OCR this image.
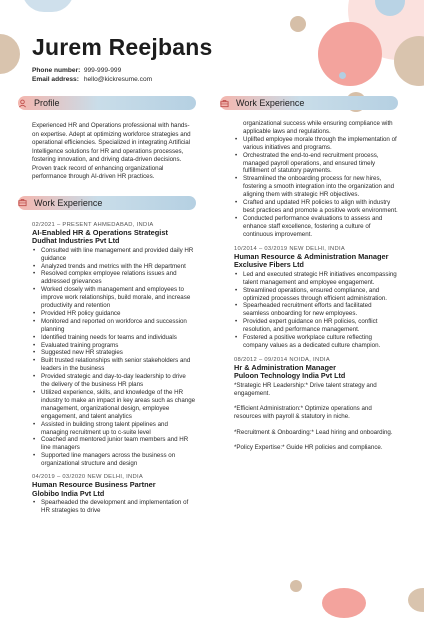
Jurem Reejbans
Phone number: 999-999-999
Email address: hello@kickresume.com
Profile

Experienced HR and Operations professional with hands-on expertise. Adept at optimizing workforce strategies and operational efficiencies. Specialized in integrating Artificial Intelligence solutions for HR and operations processes, fostering innovation, and driving data-driven decisions. Proven track record of enhancing organizational performance through AI-driven HR practices.

Work Experience
02/2021 – PRESENT AHMEDABAD, INDIA
AI-Enabled HR & Operations Strategist
Dudhat Industries Pvt Ltd
• Consulted with line management and provided daily HR guidance
• Analyzed trends and metrics with the HR department
• Resolved complex employee relations issues and addressed grievances
• Worked closely with management and employees to improve work relationships, build morale, and increase productivity and retention
• Provided HR policy guidance
• Monitored and reported on workforce and succession planning
• Identified training needs for teams and individuals
• Evaluated training programs
• Suggested new HR strategies
• Built trusted relationships with senior stakeholders and leaders in the business
• Provided strategic and day-to-day leadership to drive the delivery of the business HR plans
• Utilized experience, skills, and knowledge of the HR industry to make an impact in key areas such as change management, organizational design, employee engagement, and talent analytics
• Assisted in building strong talent pipelines and managing recruitment up to c-suite level
• Coached and mentored junior team members and HR line managers
• Supported line managers across the business on organizational structure and design
04/2019 – 03/2020 NEW DELHI, INDIA
Human Resource Business Partner
Globibo India Pvt Ltd
• Spearheaded the development and implementation of HR strategies to drive
Work Experience
organizational success while ensuring compliance with applicable laws and regulations.
• Uplifted employee morale through the implementation of various initiatives and programs.
• Orchestrated the end-to-end recruitment process, managed payroll operations, and ensured timely fulfillment of statutory payments.
• Streamlined the onboarding process for new hires, fostering a smooth integration into the organization and aligning them with strategic HR objectives.
• Crafted and updated HR policies to align with industry best practices and promote a positive work environment.
• Conducted performance evaluations to assess and enhance staff excellence, fostering a culture of continuous improvement.
10/2014 – 03/2019 NEW DELHI, INDIA
Human Resource & Administration Manager
Exclusive Fibers Ltd
• Led and executed strategic HR initiatives encompassing talent management and employee engagement.
• Streamlined operations, ensured compliance, and optimized processes through efficient administration.
• Spearheaded recruitment efforts and facilitated seamless onboarding for new employees.
• Provided expert guidance on HR policies, conflict resolution, and performance management.
• Fostered a positive workplace culture reflecting company values as a dedicated culture champion.
08/2012 – 09/2014 NOIDA, INDIA
Hr & Administration Manager
Puloon Technology India Pvt Ltd

*Strategic HR Leadership:* Drive talent strategy and engagement.

*Efficient Administration:* Optimize operations and resources with payroll & statutory in niche.

*Recruitment & Onboarding:* Lead hiring and onboarding.

*Policy Expertise:* Guide HR policies and compliance.
